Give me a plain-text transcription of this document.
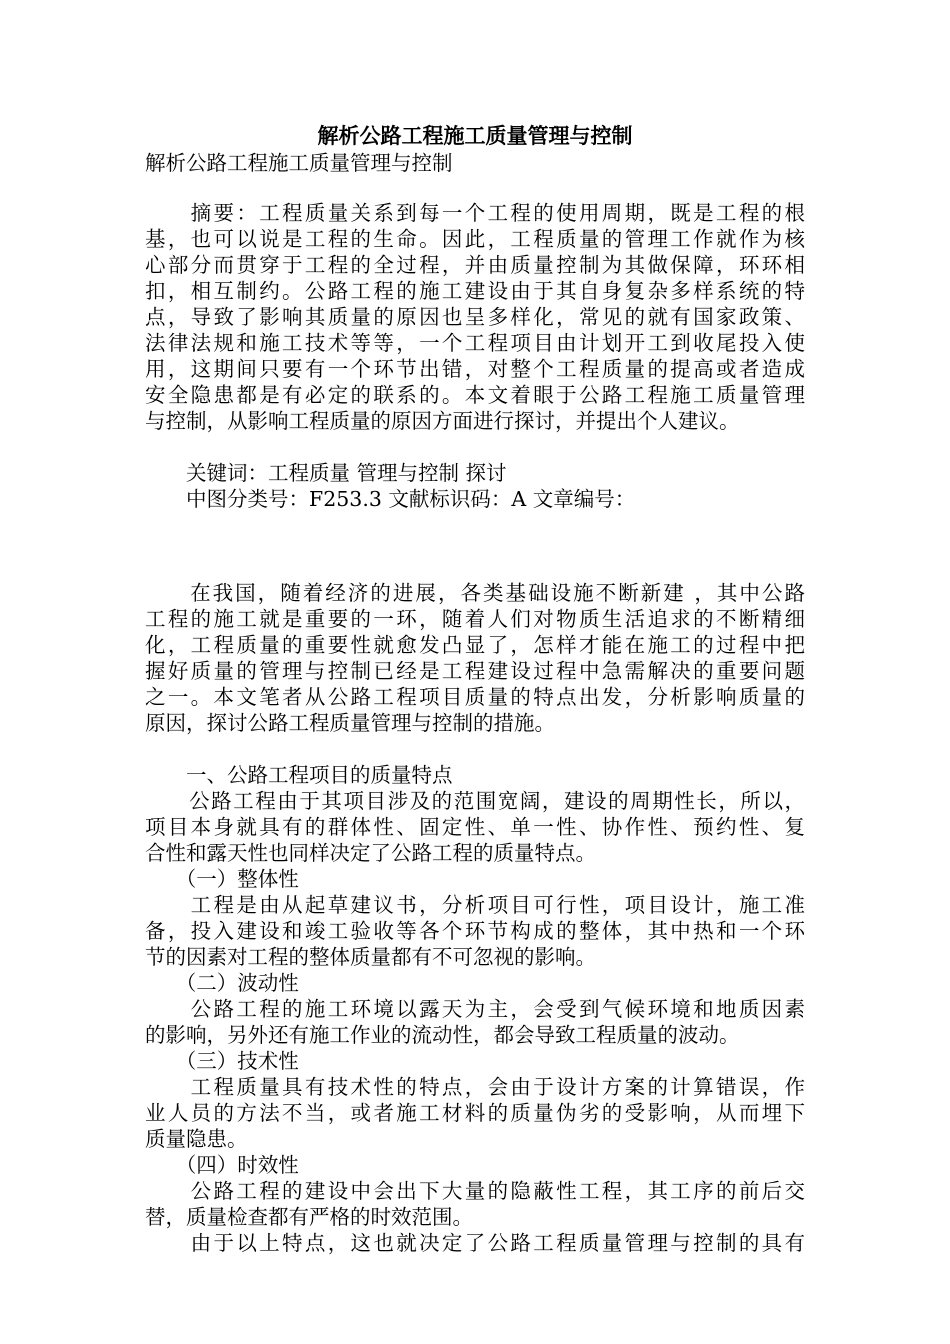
解析公路工程施工质量管理与控制
解析公路工程施工质量管理与控制
　　摘要：工程质量关系到每一个工程的使用周期，既是工程的根
基，也可以说是工程的生命。因此，工程质量的管理工作就作为核
心部分而贯穿于工程的全过程，并由质量控制为其做保障，环环相
扣，相互制约。公路工程的施工建设由于其自身复杂多样系统的特
点，导致了影响其质量的原因也呈多样化，常见的就有国家政策、
法律法规和施工技术等等，一个工程项目由计划开工到收尾投入使
用，这期间只要有一个环节出错，对整个工程质量的提高或者造成
安全隐患都是有必定的联系的。本文着眼于公路工程施工质量管理
与控制，从影响工程质量的原因方面进行探讨，并提出个人建议。
　　关键词：工程质量 管理与控制 探讨
　　中图分类号：F253.3 文献标识码：A 文章编号：
　　在我国，随着经济的进展，各类基础设施不断新建 ，其中公路
工程的施工就是重要的一环，随着人们对物质生活追求的不断精细
化，工程质量的重要性就愈发凸显了，怎样才能在施工的过程中把
握好质量的管理与控制已经是工程建设过程中急需解决的重要问题
之一。本文笔者从公路工程项目质量的特点出发，分析影响质量的
原因，探讨公路工程质量管理与控制的措施。
　　一、公路工程项目的质量特点
　　公路工程由于其项目涉及的范围宽阔，建设的周期性长，所以，
项目本身就具有的群体性、固定性、单一性、协作性、预约性、复
合性和露天性也同样决定了公路工程的质量特点。
　　（一）整体性
　　工程是由从起草建议书，分析项目可行性，项目设计，施工准
备，投入建设和竣工验收等各个环节构成的整体，其中热和一个环
节的因素对工程的整体质量都有不可忽视的影响。
　　（二）波动性
　　公路工程的施工环境以露天为主，会受到气候环境和地质因素
的影响，另外还有施工作业的流动性，都会导致工程质量的波动。
　　（三）技术性
　　工程质量具有技术性的特点，会由于设计方案的计算错误，作
业人员的方法不当，或者施工材料的质量伪劣的受影响，从而埋下
质量隐患。
　　（四）时效性
　　公路工程的建设中会出下大量的隐蔽性工程，其工序的前后交
替，质量检查都有严格的时效范围。
　　由于以上特点，这也就决定了公路工程质量管理与控制的具有
